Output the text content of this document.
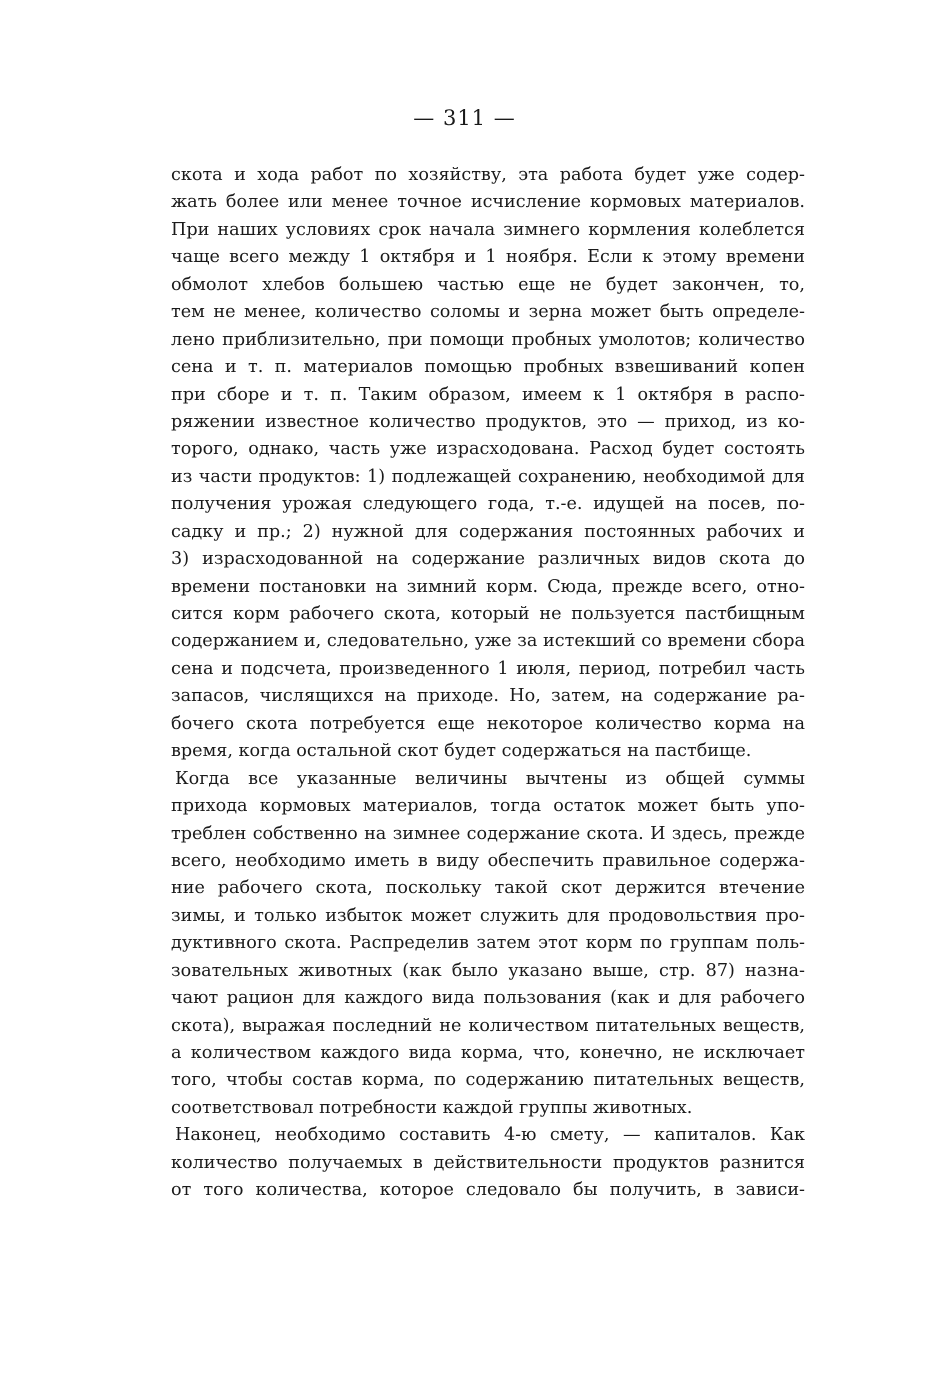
— 311 —
скота и хода работ по хозяйству, эта работа будет уже содер-
жать более или менее точное исчисление кормовых материалов.
При наших условиях срок начала зимнего кормления колеблется
чаще всего между 1 октября и 1 ноября. Если к этому времени
обмолот хлебов большею частью еще не будет закончен, то,
тем не менее, количество соломы и зерна может быть определе-
лено приблизительно, при помощи пробных умолотов; количество
сена и т. п. материалов помощью пробных взвешиваний копен
при сборе и т. п. Таким образом, имеем к 1 октября в распо-
ряжении известное количество продуктов, это — приход, из ко-
торого, однако, часть уже израсходована. Расход будет состоять
из части продуктов: 1) подлежащей сохранению, необходимой для
получения урожая следующего года, т.-е. идущей на посев, по-
садку и пр.; 2) нужной для содержания постоянных рабочих и
3) израсходованной на содержание различных видов скота до
времени постановки на зимний корм. Сюда, прежде всего, отно-
сится корм рабочего скота, который не пользуется пастбищным
содержанием и, следовательно, уже за истекший со времени сбора
сена и подсчета, произведенного 1 июля, период, потребил часть
запасов, числящихся на приходе. Но, затем, на содержание ра-
бочего скота потребуется еще некоторое количество корма на
время, когда остальной скот будет содержаться на пастбище.
Когда все указанные величины вычтены из общей суммы
прихода кормовых материалов, тогда остаток может быть упо-
треблен собственно на зимнее содержание скота. И здесь, прежде
всего, необходимо иметь в виду обеспечить правильное содержа-
ние рабочего скота, поскольку такой скот держится втечение
зимы, и только избыток может служить для продовольствия про-
дуктивного скота. Распределив затем этот корм по группам поль-
зовательных животных (как было указано выше, стр. 87) назна-
чают рацион для каждого вида пользования (как и для рабочего
скота), выражая последний не количеством питательных веществ,
а количеством каждого вида корма, что, конечно, не исключает
того, чтобы состав корма, по содержанию питательных веществ,
соответствовал потребности каждой группы животных.
Наконец, необходимо составить 4-ю смету, — капиталов. Как
количество получаемых в действительности продуктов разнится
от того количества, которое следовало бы получить, в зависи-
